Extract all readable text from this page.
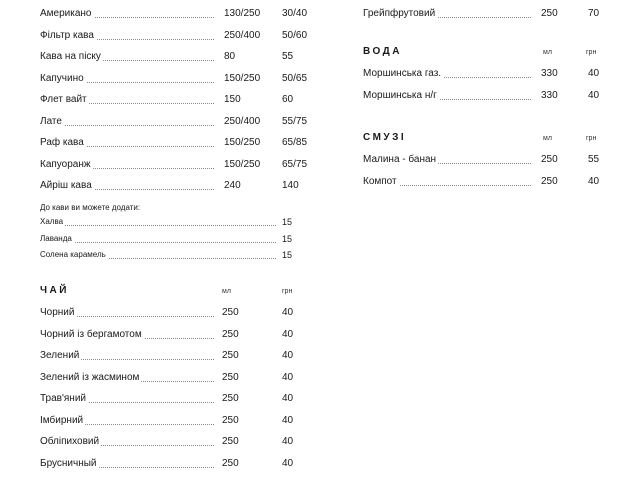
Американо	130/250 30/40
Фільтр кава	250/400 50/60
Кава на піску	80	55
Капучино	150/250 50/65
Флет вайт	150	60
Лате	250/400 55/75
Раф кава	150/250 65/85
Капуоранж	150/250 65/75
Айріш кава	240	140
До кави ви можете додати:
Халва	15
Лаванда	15
Солена карамель	15
ЧАЙ	мл	грн
Чорний	250	40
Чорний із бергамотом	250	40
Зелений	250	40
Зелений із жасмином	250	40
Трав'яний	250	40
Імбирний	250	40
Обліпиховий	250	40
Брусничный	250	40
Грейпфрутовий	250	70
ВОДА	мл	грн
Моршинська газ.	330	40
Моршинська н/г	330	40
СМУЗІ	мл	грн
Малина - банан	250	55
Компот	250	40
